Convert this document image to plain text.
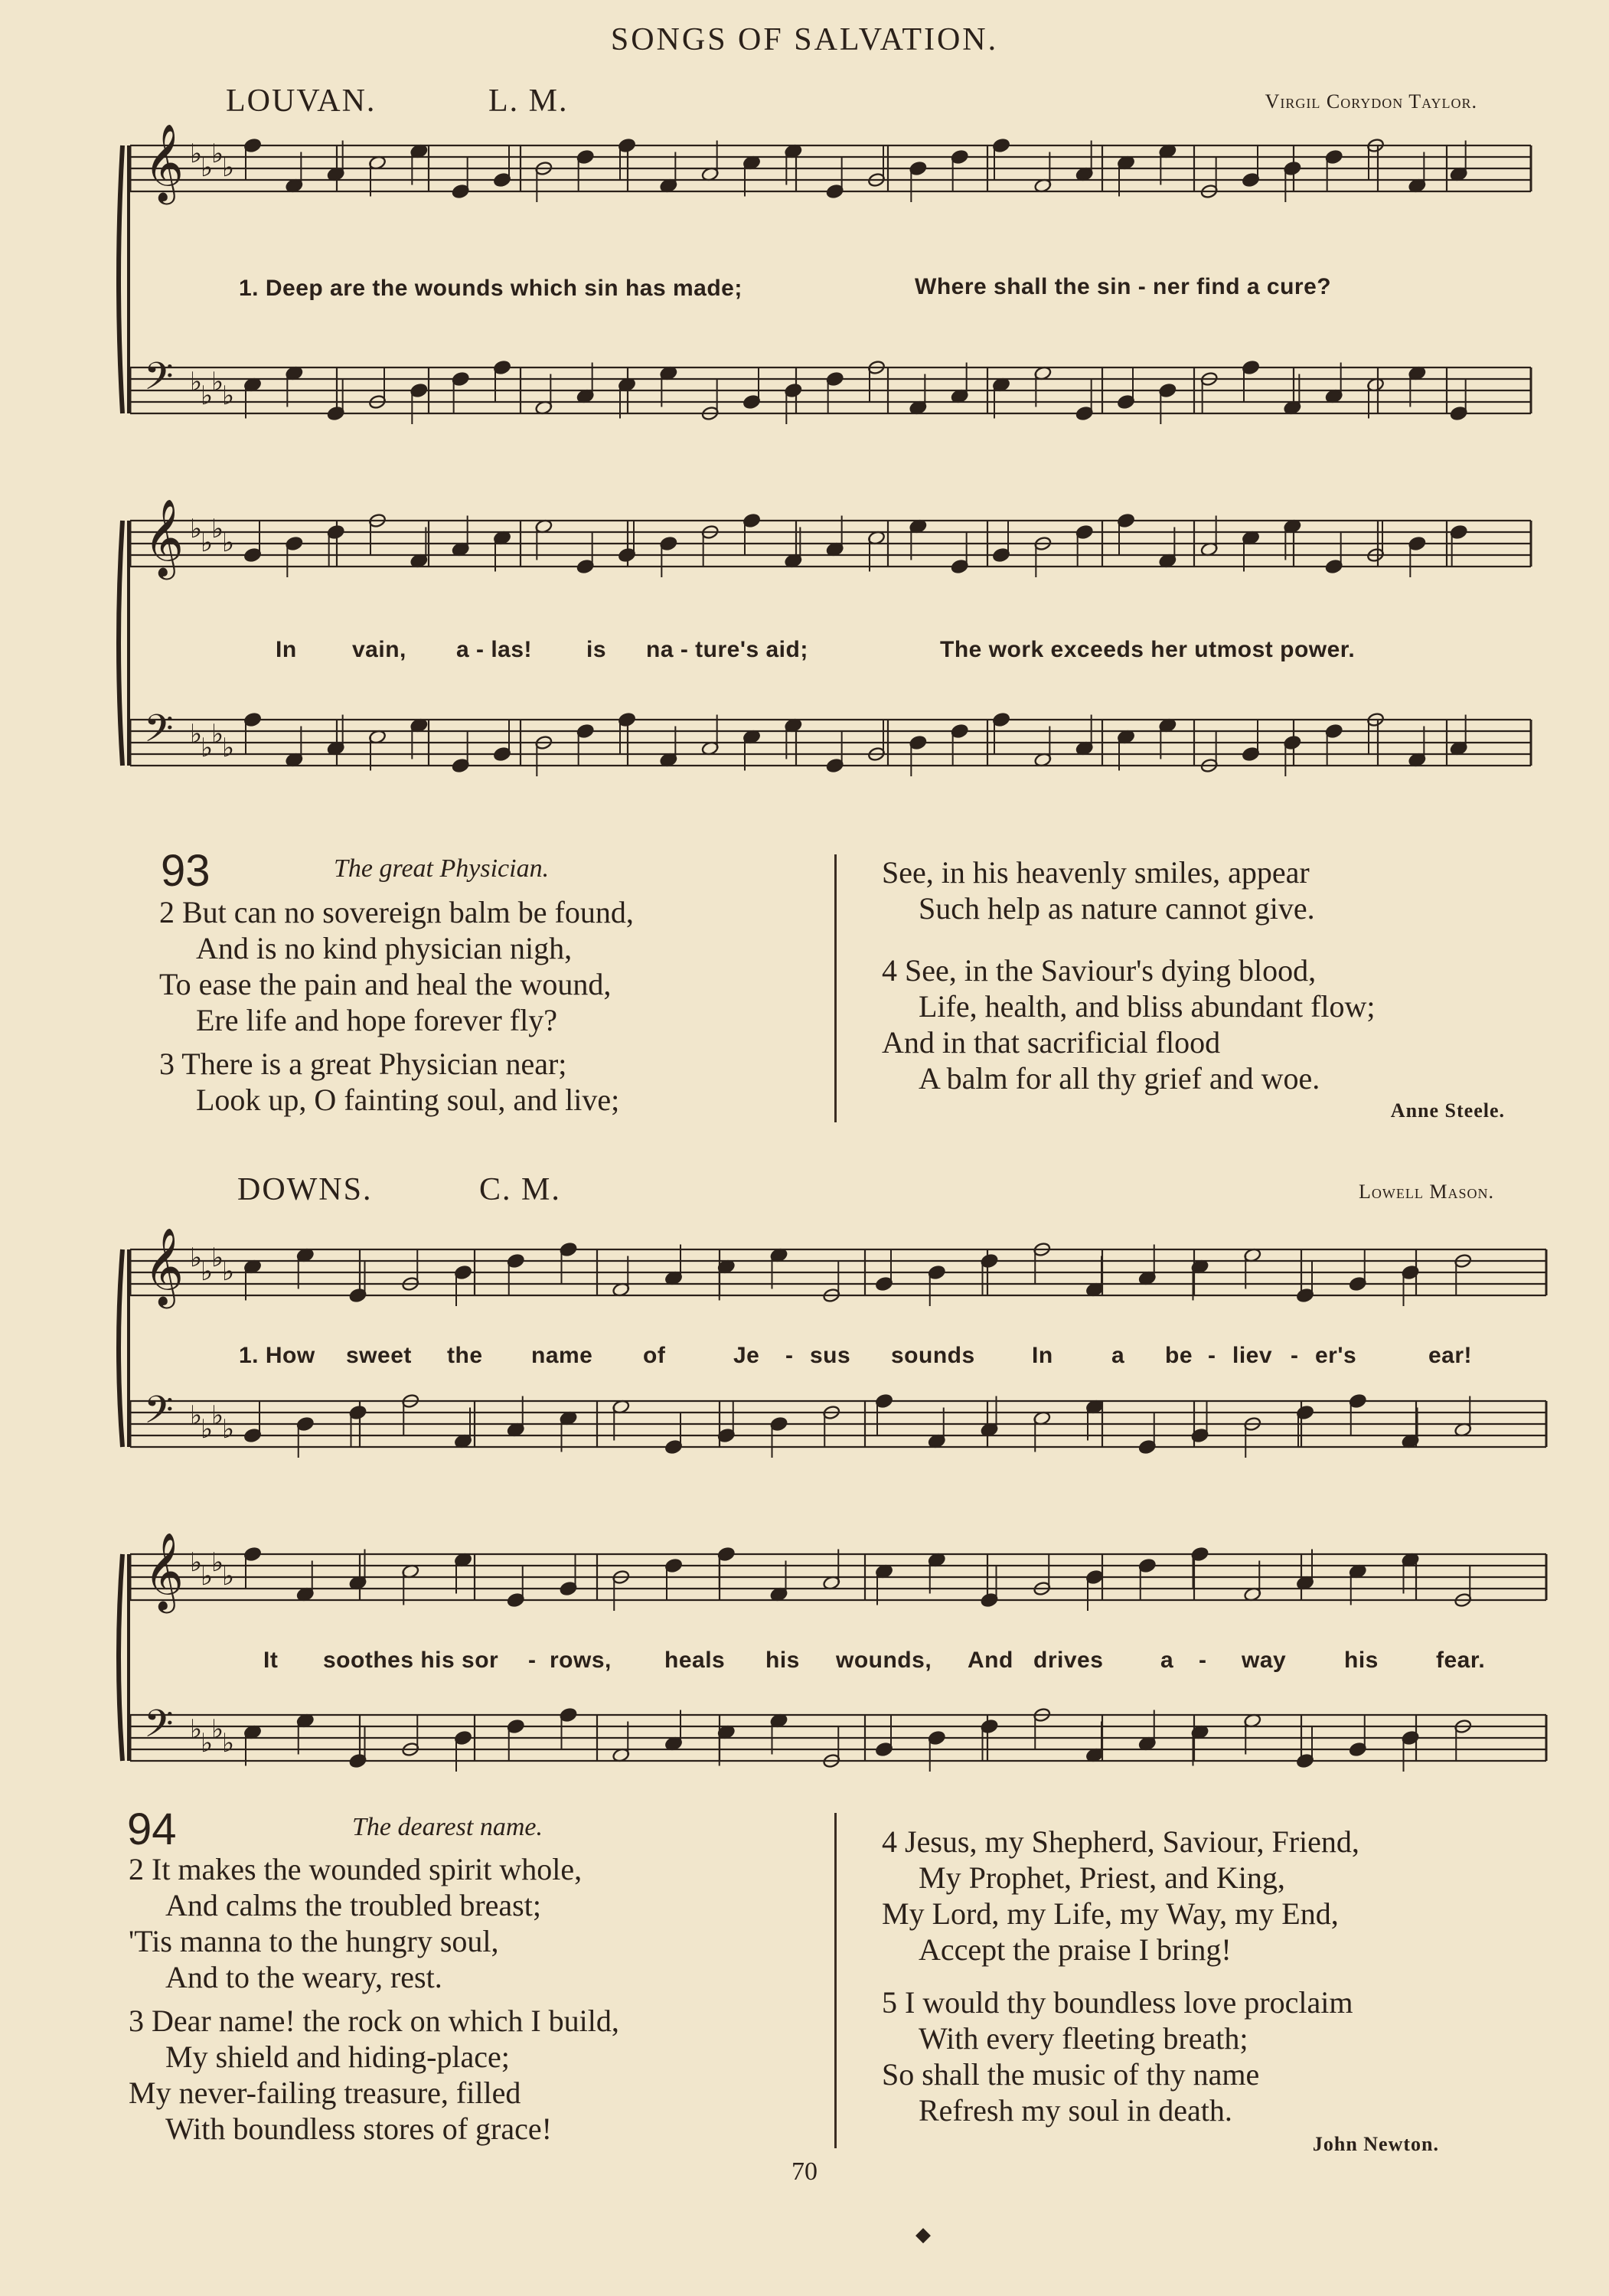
SONGS OF SALVATION.
LOUVAN.	L. M.	Virgil Corydon Taylor.
𝄞 ♭
♭
♭
♭
𝄢 ♭
♭
♭
♭
𝄞 ♭
♭
♭
♭
𝄢 ♭
♭
♭
♭
𝄞 ♭
♭
♭
♭
𝄢 ♭
♭
♭
♭
𝄞 ♭
♭
♭
♭
𝄢 ♭
♭
♭
♭
1. Deep are the wounds which sin has made;	Where shall the sin - ner find a cure?
In vain, a - las! is na - ture's aid;	The work exceeds her utmost power.
93	The great Physician.
2 But can no sovereign balm be found,
And is no kind physician nigh,
To ease the pain and heal the wound,
Ere life and hope forever fly?
3 There is a great Physician near;
Look up, O fainting soul, and live;
See, in his heavenly smiles, appear
Such help as nature cannot give.
4 See, in the Saviour's dying blood,
Life, health, and bliss abundant flow;
And in that sacrificial flood
A balm for all thy grief and woe.
Anne Steele.
DOWNS.	C. M.	Lowell Mason.
1. How sweet the name of	Je - sus sounds In	a be - liev - er's	ear!
It soothes his sor - rows, heals his wounds, And drives a - way	his	fear.
94	The dearest name.
2 It makes the wounded spirit whole,
And calms the troubled breast;
'Tis manna to the hungry soul,
And to the weary, rest.
3 Dear name! the rock on which I build,
My shield and hiding-place;
My never-failing treasure, filled
With boundless stores of grace!
4 Jesus, my Shepherd, Saviour, Friend,
My Prophet, Priest, and King,
My Lord, my Life, my Way, my End,
Accept the praise I bring!
5 I would thy boundless love proclaim
With every fleeting breath;
So shall the music of thy name
Refresh my soul in death.
John Newton.
70
◆
